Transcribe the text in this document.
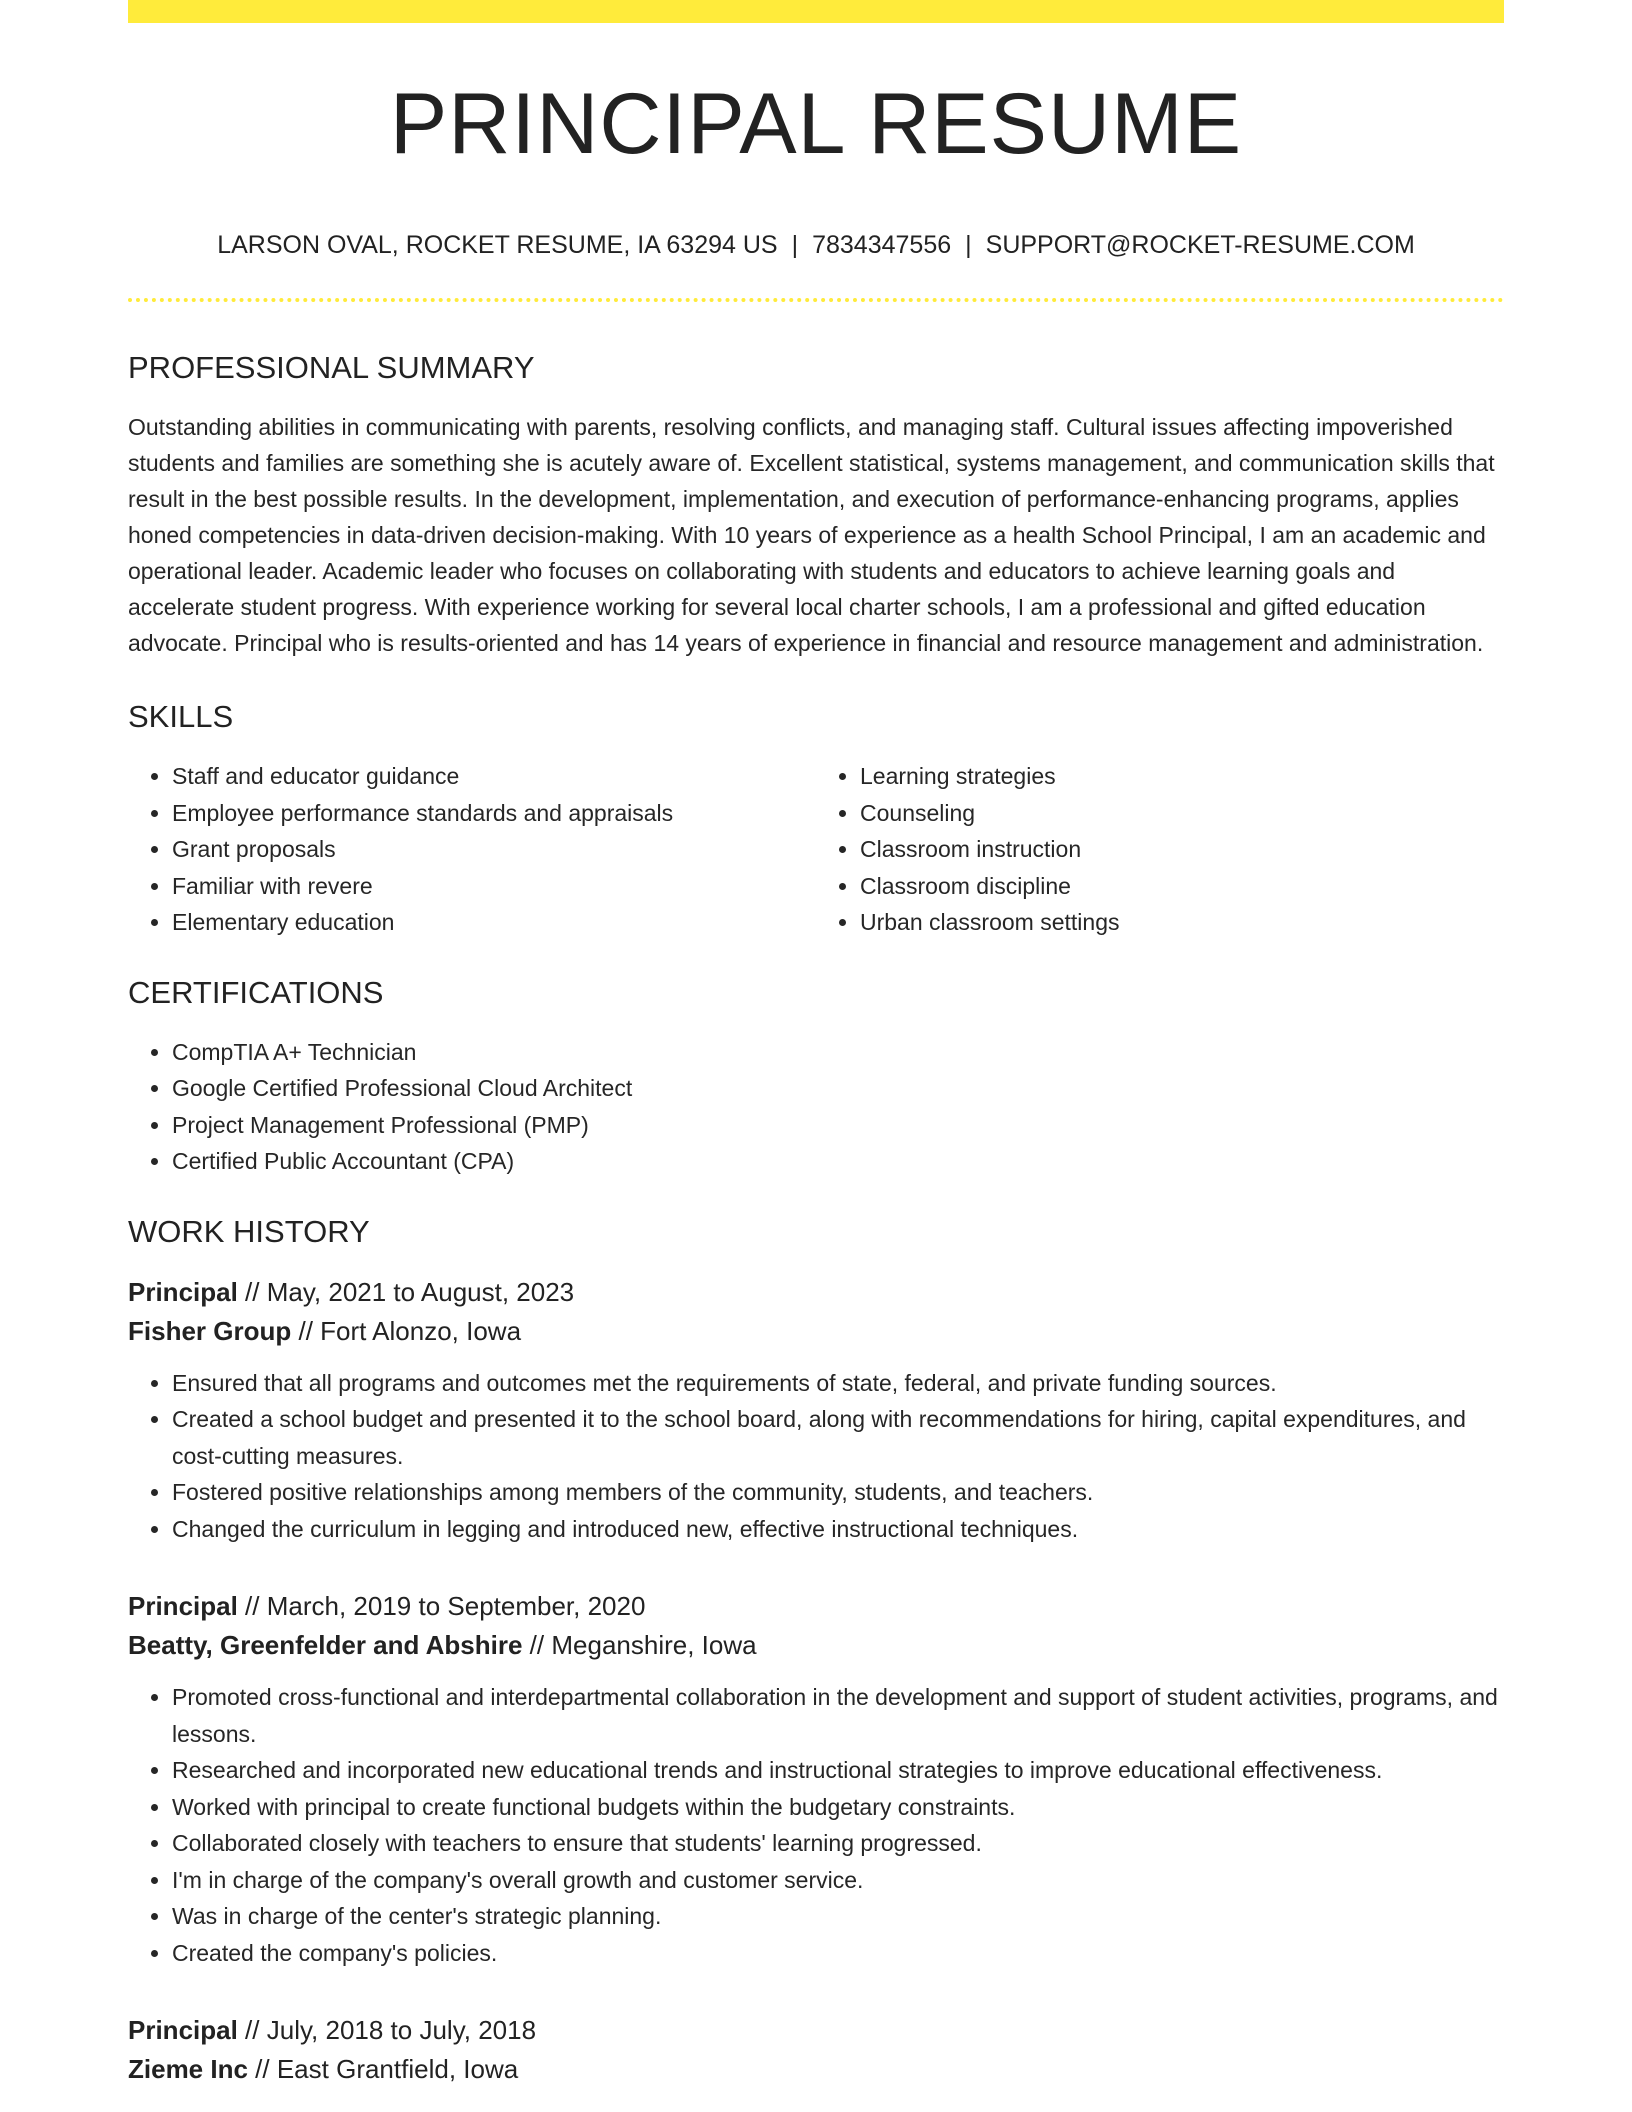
PRINCIPAL RESUME
LARSON OVAL, ROCKET RESUME, IA 63294 US | 7834347556 | SUPPORT@ROCKET-RESUME.COM
PROFESSIONAL SUMMARY

Outstanding abilities in communicating with parents, resolving conflicts, and managing staff. Cultural issues affecting impoverished students and families are something she is acutely aware of. Excellent statistical, systems management, and communication skills that result in the best possible results. In the development, implementation, and execution of performance-enhancing programs, applies honed competencies in data-driven decision-making. With 10 years of experience as a health School Principal, I am an academic and operational leader. Academic leader who focuses on collaborating with students and educators to achieve learning goals and accelerate student progress. With experience working for several local charter schools, I am a professional and gifted education advocate. Principal who is results-oriented and has 14 years of experience in financial and resource management and administration.

SKILLS
• Staff and educator guidance
• Employee performance standards and appraisals
• Grant proposals
• Familiar with revere
• Elementary education
• Learning strategies
• Counseling
• Classroom instruction
• Classroom discipline
• Urban classroom settings
CERTIFICATIONS
• CompTIA A+ Technician
• Google Certified Professional Cloud Architect
• Project Management Professional (PMP)
• Certified Public Accountant (CPA)
WORK HISTORY
Principal // May, 2021 to August, 2023
Fisher Group // Fort Alonzo, Iowa
• Ensured that all programs and outcomes met the requirements of state, federal, and private funding sources.
• Created a school budget and presented it to the school board, along with recommendations for hiring, capital expenditures, and cost-cutting measures.
• Fostered positive relationships among members of the community, students, and teachers.
• Changed the curriculum in legging and introduced new, effective instructional techniques.
Principal // March, 2019 to September, 2020
Beatty, Greenfelder and Abshire // Meganshire, Iowa
• Promoted cross-functional and interdepartmental collaboration in the development and support of student activities, programs, and lessons.
• Researched and incorporated new educational trends and instructional strategies to improve educational effectiveness.
• Worked with principal to create functional budgets within the budgetary constraints.
• Collaborated closely with teachers to ensure that students' learning progressed.
• I'm in charge of the company's overall growth and customer service.
• Was in charge of the center's strategic planning.
• Created the company's policies.
Principal // July, 2018 to July, 2018
Zieme Inc // East Grantfield, Iowa
